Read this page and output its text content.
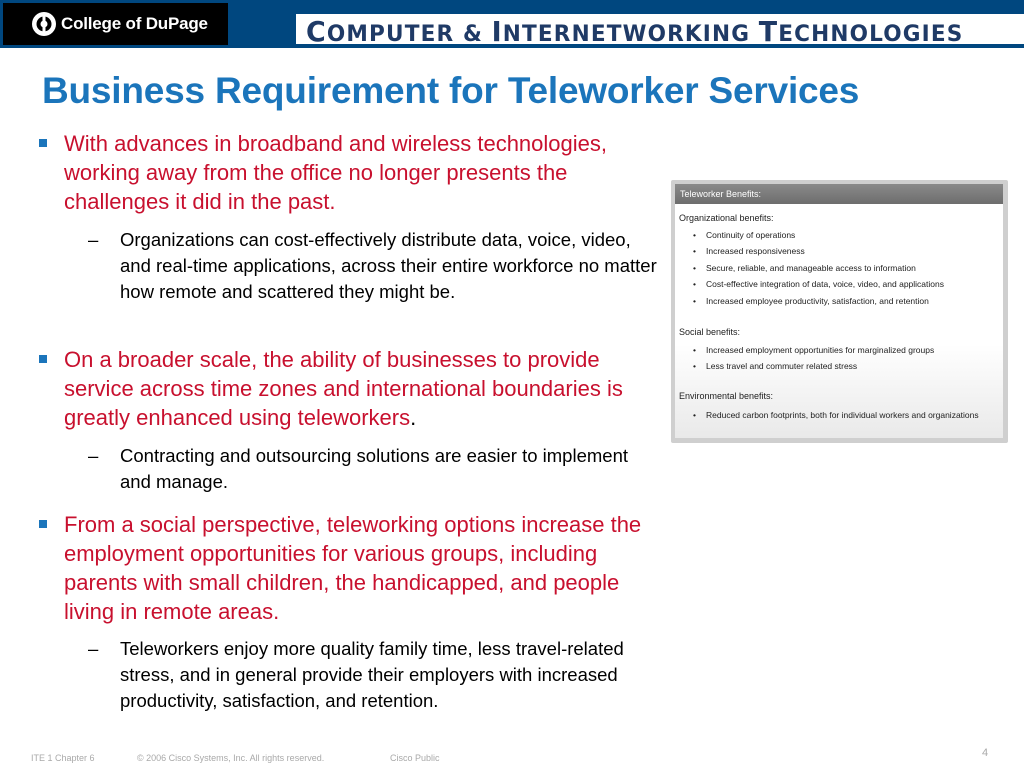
College of DuPage	COMPUTER & INTERNETWORKING TECHNOLOGIES
Business Requirement for Teleworker Services
With advances in broadband and wireless technologies, working away from the office no longer presents the challenges it did in the past.
– Organizations can cost-effectively distribute data, voice, video, and real-time applications, across their entire workforce no matter how remote and scattered they might be.
On a broader scale, the ability of businesses to provide service across time zones and international boundaries is greatly enhanced using teleworkers.
– Contracting and outsourcing solutions are easier to implement and manage.
From a social perspective, teleworking options increase the employment opportunities for various groups, including parents with small children, the handicapped, and people living in remote areas.
– Teleworkers enjoy more quality family time, less travel-related stress, and in general provide their employers with increased productivity, satisfaction, and retention.
Teleworker Benefits:
Organizational benefits:
• Continuity of operations
• Increased responsiveness
• Secure, reliable, and manageable access to information
• Cost-effective integration of data, voice, video, and applications
• Increased employee productivity, satisfaction, and retention
Social benefits:
• Increased employment opportunities for marginalized groups
• Less travel and commuter related stress
Environmental benefits:
• Reduced carbon footprints, both for individual workers and organizations
ITE 1 Chapter 6	© 2006 Cisco Systems, Inc. All rights reserved.	Cisco Public	4
